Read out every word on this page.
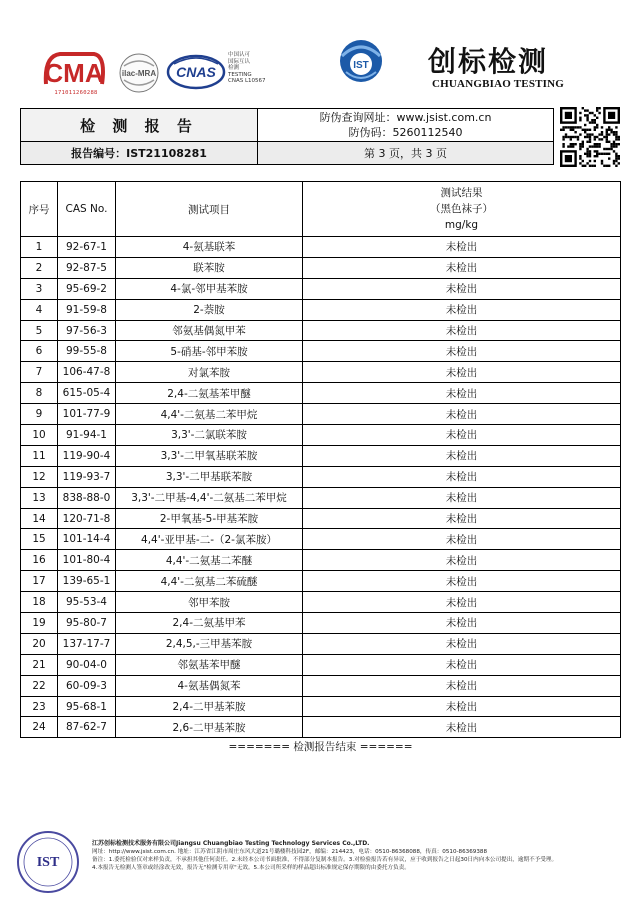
CMA
171011260288
ilac-MRA CNAS
中国认可
国际互认
检测
TESTING
CNAS L10567
IST 创标检测
CHUANGBIAO TESTING
检 测 报 告	防伪查询网址：www.jsist.com.cn
防伪码：5260112540

报告编号：IST21108281	第 3 页，共 3 页
序号	CAS No.	测试项目	测试结果
（黑色袜子）
mg/kg

1	92-67-1	4-氨基联苯	未检出
2	92-87-5	联苯胺	未检出
3	95-69-2	4-氯-邻甲基苯胺	未检出
4	91-59-8	2-萘胺	未检出
5	97-56-3	邻氨基偶氮甲苯	未检出
6	99-55-8	5-硝基-邻甲苯胺	未检出
7	106-47-8	对氯苯胺	未检出
8	615-05-4	2,4-二氨基苯甲醚	未检出
9	101-77-9	4,4'-二氨基二苯甲烷	未检出
10	91-94-1	3,3'-二氯联苯胺	未检出
11	119-90-4	3,3'-二甲氧基联苯胺	未检出
12	119-93-7	3,3'-二甲基联苯胺	未检出
13	838-88-0	3,3'-二甲基-4,4'-二氨基二苯甲烷	未检出
14	120-71-8	2-甲氧基-5-甲基苯胺	未检出
15	101-14-4	4,4'-亚甲基-二-（2-氯苯胺）	未检出
16	101-80-4	4,4'-二氨基二苯醚	未检出
17	139-65-1	4,4'-二氨基二苯硫醚	未检出
18	95-53-4	邻甲苯胺	未检出
19	95-80-7	2,4-二氨基甲苯	未检出
20	137-17-7	2,4,5,-三甲基苯胺	未检出
21	90-04-0	邻氨基苯甲醚	未检出
22	60-09-3	4-氨基偶氮苯	未检出
23	95-68-1	2,4-二甲基苯胺	未检出
24	87-62-7	2,6-二甲基苯胺	未检出
======= 检测报告结束 ======
IST
江苏创标检测技术服务有限公司Jiangsu Chuangbiao Testing Technology Services Co.,LTD.
网址：http://www.jsist.com.cn. 地址：江苏省江阴市周庄东风大道21号璐楼科技园2F，邮编：214423，电话：0510-86368088，传真：0510-86369388
备注：1.委托检验仅对来样负责，不承担其他任何责任。2.未经本公司书面批准，不得部分复制本报告。3.对检验报告若有异议，应于收到报告之日起30日内向本公司提出，逾期不予受理。
4.本报告无检测人签章或经涂改无效，报告无"检测专用章"无效。5.本公司所采样的样品超出标准规定保存期限的由委托方负责。
